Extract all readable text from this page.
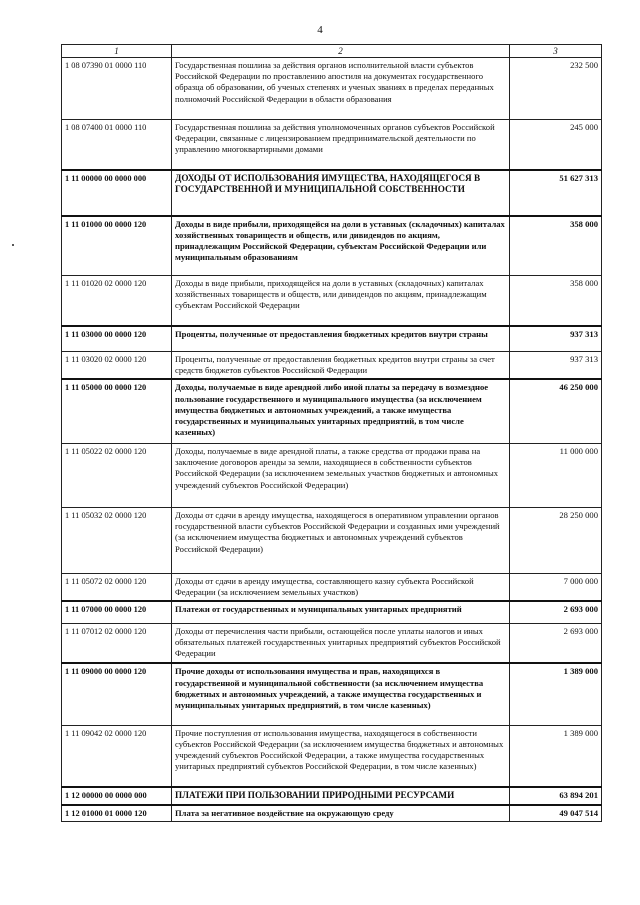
4
1	2	3
1 08 07390 01 0000 110	Государственная пошлина за действия органов исполнительной власти субъектов Российской Федерации по проставлению апостиля на документах государственного образца об образовании, об ученых степенях и ученых званиях в пределах переданных полномочий Российской Федерации в области образования	232 500
1 08 07400 01 0000 110	Государственная пошлина за действия уполномоченных органов субъектов Российской Федерации, связанные с лицензированием предпринимательской деятельности по управлению многоквартирными домами	245 000
1 11 00000 00 0000 000	ДОХОДЫ ОТ ИСПОЛЬЗОВАНИЯ ИМУЩЕСТВА, НАХОДЯЩЕГОСЯ В ГОСУДАРСТВЕННОЙ И МУНИЦИПАЛЬНОЙ СОБСТВЕННОСТИ	51 627 313
1 11 01000 00 0000 120	Доходы в виде прибыли, приходящейся на доли в уставных (складочных) капиталах хозяйственных товариществ и обществ, или дивидендов по акциям, принадлежащим Российской Федерации, субъектам Российской Федерации или муниципальным образованиям	358 000
1 11 01020 02 0000 120	Доходы в виде прибыли, приходящейся на доли в уставных (складочных) капиталах хозяйственных товариществ и обществ, или дивидендов по акциям, принадлежащим субъектам Российской Федерации	358 000
1 11 03000 00 0000 120	Проценты, полученные от предоставления бюджетных кредитов внутри страны	937 313
1 11 03020 02 0000 120	Проценты, полученные от предоставления бюджетных кредитов внутри страны за счет средств бюджетов субъектов Российской Федерации	937 313
1 11 05000 00 0000 120	Доходы, получаемые в виде арендной либо иной платы за передачу в возмездное пользование государственного и муниципального имущества (за исключением имущества бюджетных и автономных учреждений, а также имущества государственных и муниципальных унитарных предприятий, в том числе казенных)	46 250 000
1 11 05022 02 0000 120	Доходы, получаемые в виде арендной платы, а также средства от продажи права на заключение договоров аренды за земли, находящиеся в собственности субъектов Российской Федерации (за исключением земельных участков бюджетных и автономных учреждений субъектов Российской Федерации)	11 000 000
1 11 05032 02 0000 120	Доходы от сдачи в аренду имущества, находящегося в оперативном управлении органов государственной власти субъектов Российской Федерации и созданных ими учреждений (за исключением имущества бюджетных и автономных учреждений субъектов Российской Федерации)	28 250 000
1 11 05072 02 0000 120	Доходы от сдачи в аренду имущества, составляющего казну субъекта Российской Федерации (за исключением земельных участков)	7 000 000
1 11 07000 00 0000 120	Платежи от государственных и муниципальных унитарных предприятий	2 693 000
1 11 07012 02 0000 120	Доходы от перечисления части прибыли, остающейся после уплаты налогов и иных обязательных платежей государственных унитарных предприятий субъектов Российской Федерации	2 693 000
1 11 09000 00 0000 120	Прочие доходы от использования имущества и прав, находящихся в государственной и муниципальной собственности (за исключением имущества бюджетных и автономных учреждений, а также имущества государственных и муниципальных унитарных предприятий, в том числе казенных)	1 389 000
1 11 09042 02 0000 120	Прочие поступления от использования имущества, находящегося в собственности субъектов Российской Федерации (за исключением имущества бюджетных и автономных учреждений субъектов Российской Федерации, а также имущества государственных унитарных предприятий субъектов Российской Федерации, в том числе казенных)	1 389 000
1 12 00000 00 0000 000	ПЛАТЕЖИ ПРИ ПОЛЬЗОВАНИИ ПРИРОДНЫМИ РЕСУРСАМИ	63 894 201
1 12 01000 01 0000 120	Плата за негативное воздействие на окружающую среду	49 047 514
